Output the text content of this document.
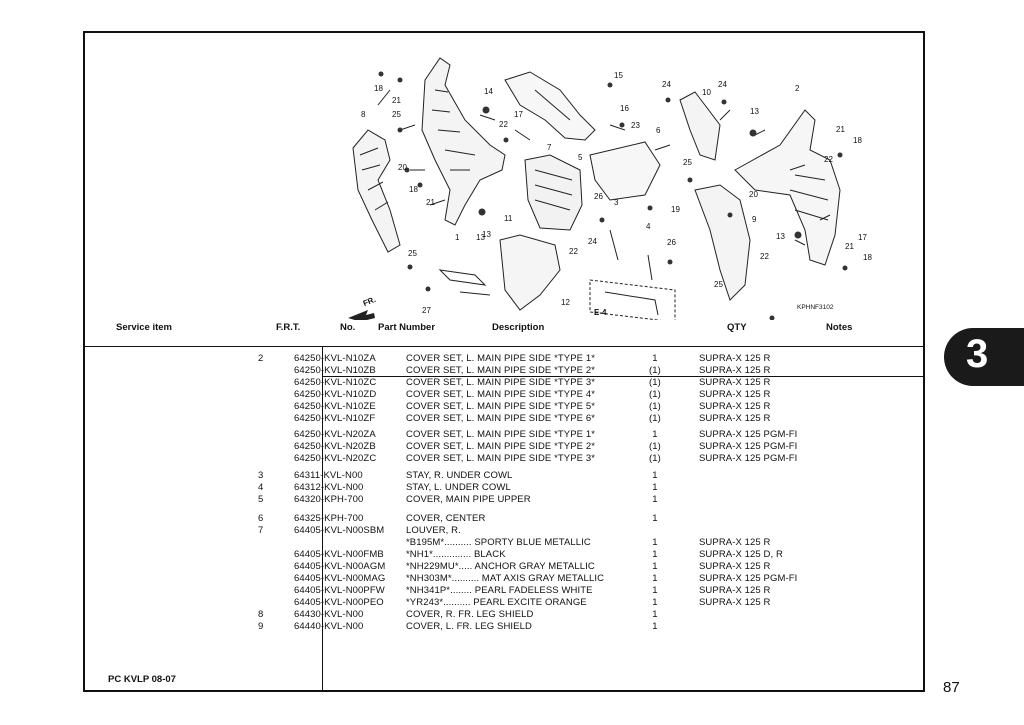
FR.
E-4
KPHNF3102
18
21
8	25
20
18
21
1	13
14
25
27
13
22
17
15
16
23
5
7
11
26
3
24
22
12
4
26
19
6
24
10
24
13
25
9
20
2
21
18
22
13
22
17
21
18
25
Service item	F.R.T.	No. Part Number	Description	QTY	Notes
2	64250-KVL-N10ZA	COVER SET, L. MAIN PIPE SIDE *TYPE 1*	1	SUPRA-X 125 R
64250-KVL-N10ZB	COVER SET, L. MAIN PIPE SIDE *TYPE 2*	(1)	SUPRA-X 125 R
64250-KVL-N10ZC	COVER SET, L. MAIN PIPE SIDE *TYPE 3*	(1)	SUPRA-X 125 R
64250-KVL-N10ZD	COVER SET, L. MAIN PIPE SIDE *TYPE 4*	(1)	SUPRA-X 125 R
64250-KVL-N10ZE	COVER SET, L. MAIN PIPE SIDE *TYPE 5*	(1)	SUPRA-X 125 R
64250-KVL-N10ZF	COVER SET, L. MAIN PIPE SIDE *TYPE 6*	(1)	SUPRA-X 125 R
64250-KVL-N20ZA	COVER SET, L. MAIN PIPE SIDE *TYPE 1*	1	SUPRA-X 125 PGM-FI
64250-KVL-N20ZB	COVER SET, L. MAIN PIPE SIDE *TYPE 2*	(1)	SUPRA-X 125 PGM-FI
64250-KVL-N20ZC	COVER SET, L. MAIN PIPE SIDE *TYPE 3*	(1)	SUPRA-X 125 PGM-FI
3	64311-KVL-N00	STAY, R. UNDER COWL	1
4	64312-KVL-N00	STAY, L. UNDER COWL	1
5	64320-KPH-700	COVER, MAIN PIPE UPPER	1
6	64325-KPH-700	COVER, CENTER	1
7	64405-KVL-N00SBM LOUVER, R.
*B195M*.......... SPORTY BLUE METALLIC	1	SUPRA-X 125 R
64405-KVL-N00FMB *NH1*.............. BLACK	1	SUPRA-X 125 D, R
64405-KVL-N00AGM *NH229MU*..... ANCHOR GRAY METALLIC	1	SUPRA-X 125 R
64405-KVL-N00MAG *NH303M*.......... MAT AXIS GRAY METALLIC	1	SUPRA-X 125 PGM-FI
64405-KVL-N00PFW *NH341P*........ PEARL FADELESS WHITE	1	SUPRA-X 125 R
64405-KVL-N00PEO *YR243*.......... PEARL EXCITE ORANGE	1	SUPRA-X 125 R
8	64430-KVL-N00	COVER, R. FR. LEG SHIELD	1
9	64440-KVL-N00	COVER, L. FR. LEG SHIELD	1
PC KVLP 08-07	87
3
